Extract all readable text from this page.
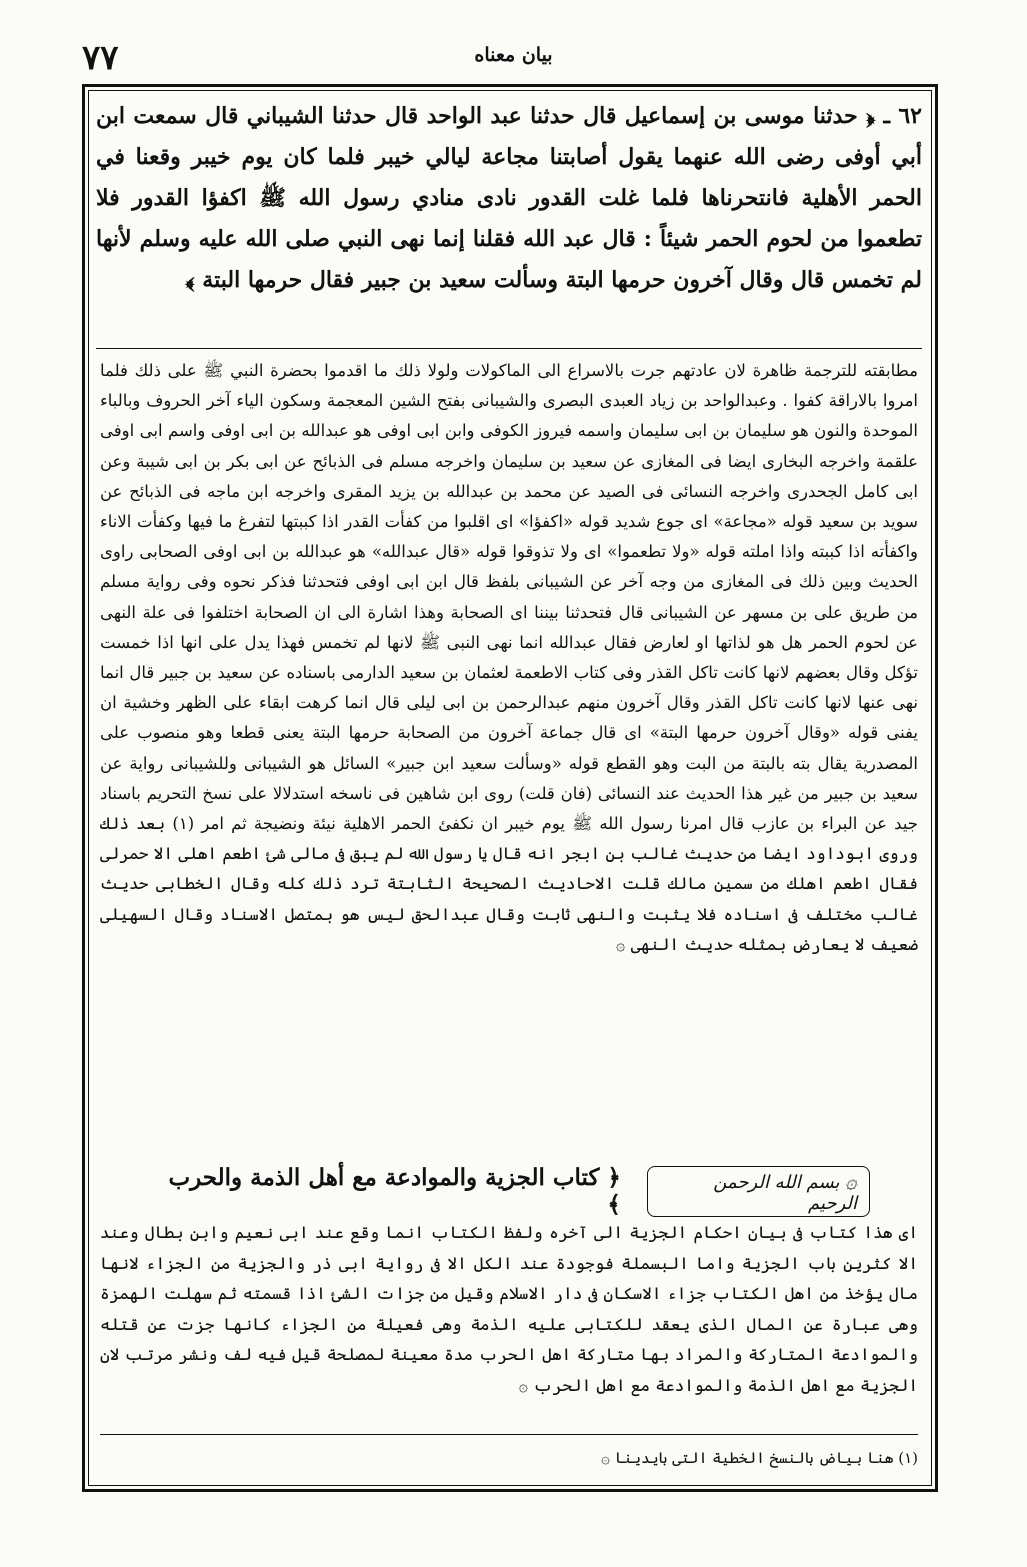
٧٧	بيان معناه
٦٢ ـ ﴿ حدثنا موسى بن إسماعيل قال حدثنا عبد الواحد قال حدثنا الشيباني قال سمعت ابن أبي أوفى رضى الله عنهما يقول أصابتنا مجاعة ليالي خيبر فلما كان يوم خيبر وقعنا في الحمر الأهلية فانتحرناها فلما غلت القدور نادى منادي رسول الله ﷺ اكفؤا القدور فلا تطعموا من لحوم الحمر شيئاً : قال عبد الله فقلنا إنما نهى النبي صلى الله عليه وسلم لأنها لم تخمس قال وقال آخرون حرمها البتة وسألت سعيد بن جبير فقال حرمها البتة ﴾
مطابقته للترجمة ظاهرة لان عادتهم جرت بالاسراع الى الماكولات ولولا ذلك ما اقدموا بحضرة النبي ﷺ على ذلك فلما امروا بالاراقة كفوا . وعبدالواحد بن زياد العبدى البصرى والشيبانى بفتح الشين المعجمة وسكون الياء آخر الحروف وبالباء الموحدة والنون هو سليمان بن ابى سليمان واسمه فيروز الكوفى وابن ابى اوفى هو عبدالله بن ابى اوفى واسم ابى اوفى علقمة واخرجه البخارى ايضا فى المغازى عن سعيد بن سليمان واخرجه مسلم فى الذبائح عن ابى بكر بن ابى شيبة وعن ابى كامل الجحدرى واخرجه النسائى فى الصيد عن محمد بن عبدالله بن يزيد المقرى واخرجه ابن ماجه فى الذبائح عن سويد بن سعيد قوله «مجاعة» اى جوع شديد قوله «اكفؤا» اى اقلبوا من كفأت القدر اذا كببتها لتفرغ ما فيها وكفأت الاناء واكفأته اذا كببته واذا املته قوله «ولا تطعموا» اى ولا تذوقوا قوله «قال عبدالله» هو عبدالله بن ابى اوفى الصحابى راوى الحديث وبين ذلك فى المغازى من وجه آخر عن الشيبانى بلفظ قال ابن ابى اوفى فتحدثنا فذكر نحوه وفى رواية مسلم من طريق على بن مسهر عن الشيبانى قال فتحدثنا بيننا اى الصحابة وهذا اشارة الى ان الصحابة اختلفوا فى علة النهى عن لحوم الحمر هل هو لذاتها او لعارض فقال عبدالله انما نهى النبى ﷺ لانها لم تخمس فهذا يدل على انها اذا خمست تؤكل وقال بعضهم لانها كانت تاكل القذر وفى كتاب الاطعمة لعثمان بن سعيد الدارمى باسناده عن سعيد بن جبير قال انما نهى عنها لانها كانت تاكل القذر وقال آخرون منهم عبدالرحمن بن ابى ليلى قال انما كرهت ابقاء على الظهر وخشية ان يفنى قوله «وقال آخرون حرمها البتة» اى قال جماعة آخرون من الصحابة حرمها البتة يعنى قطعا وهو منصوب على المصدرية يقال بته بالبتة من البت وهو القطع قوله «وسألت سعيد ابن جبير» السائل هو الشيبانى وللشيبانى رواية عن سعيد بن جبير من غير هذا الحديث عند النسائى (فان قلت) روى ابن شاهين فى ناسخه استدلالا على نسخ التحريم باسناد جيد عن البراء بن عازب قال امرنا رسول الله ﷺ يوم خيبر ان نكفئ الحمر الاهلية نيئة ونضيجة ثم امر (١) بعد ذلك وروى ابوداود ايضا من حديث غالب بن ابجر انه قال يا رسول الله لم يبق فى مالى شئ اطعم اهلى الا حمرلى فقال اطعم اهلك من سمين مالك قلت الاحاديث الصحيحة الثابتة ترد ذلك كله وقال الخطابى حديث غالب مختلف فى اسناده فلا يثبت والنهى ثابت وقال عبدالحق ليس هو بمتصل الاسناد وقال السهيلى ضعيف لا يعارض بمثله حديث النهى ۞
۞ بسم الله الرحمن الرحيم
﴿ كتاب الجزية والموادعة مع أهل الذمة والحرب ﴾
اى هذا كتاب فى بيان احكام الجزية الى آخره ولفظ الكتاب انما وقع عند ابى نعيم وابن بطال وعند الا كثرين باب الجزية واما البسملة فوجودة عند الكل الا فى رواية ابى ذر والجزية من الجزاء لانها مال يؤخذ من اهل الكتاب جزاء الاسكان فى دار الاسلام وقيل من جزات الشئ اذا قسمته ثم سهلت الهمزة وهى عبارة عن المال الذى يعقد للكتابى عليه الذمة وهى فعيلة من الجزاء كانها جزت عن قتله والموادعة المتاركة والمراد بها متاركة اهل الحرب مدة معينة لمصلحة قيل فيه لف ونشر مرتب لان الجزية مع اهل الذمة والموادعة مع اهل الحرب ۞
(١) هنا بياض بالنسخ الخطية التى بايدينا ۞
